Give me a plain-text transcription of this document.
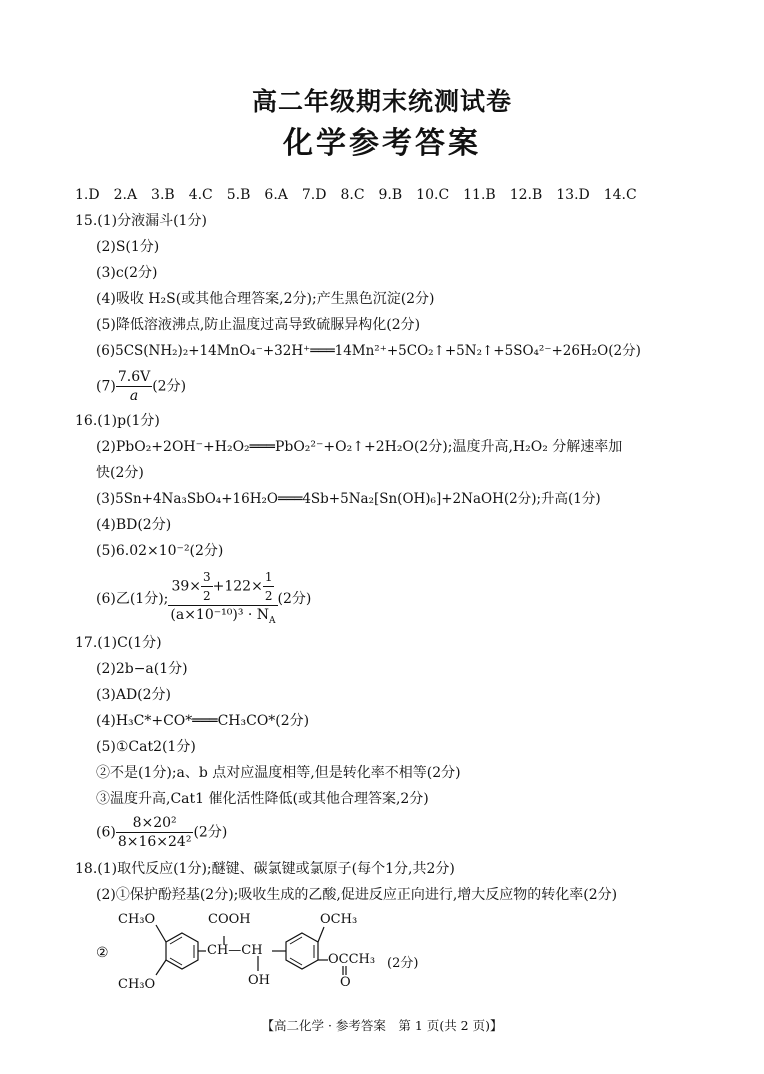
高二年级期末统测试卷
化学参考答案
1.D　2.A　3.B　4.C　5.B　6.A　7.D　8.C　9.B　10.C　11.B　12.B　13.D　14.C
15.(1)分液漏斗(1分)
(2)S(1分)
(3)c(2分)
(4)吸收 H₂S(或其他合理答案,2分);产生黑色沉淀(2分)
(5)降低溶液沸点,防止温度过高导致硫脲异构化(2分)
(6)5CS(NH₂)₂+14MnO₄⁻+32H⁺═══14Mn²⁺+5CO₂↑+5N₂↑+5SO₄²⁻+26H₂O(2分)
$(7) \frac{7.6V}{a} (2$分)
16.(1)p(1分)
(2)PbO₂+2OH⁻+H₂O₂═══PbO₂²⁻+O₂↑+2H₂O(2分);温度升高,H₂O₂ 分解速率加
快(2分)
(3)5Sn+4Na₃SbO₄+16H₂O═══4Sb+5Na₂[Sn(OH)₆]+2NaOH(2分);升高(1分)
(4)BD(2分)
(5)6.02×10⁻²(2分)
(6)乙(1分); $\frac{39\times \frac{3}{2} +122\times \frac{1}{2}}{(a\times 10^{-10})^3 \cdot N_A} (2$分)
17.(1)C(1分)
(2)2b−a(1分)
(3)AD(2分)
(4)H₃C*+CO*═══CH₃CO*(2分)
(5)①Cat2(1分)
②不是(1分);a、b 点对应温度相等,但是转化率不相等(2分)
③温度升高,Cat1 催化活性降低(或其他合理答案,2分)
$(6) \frac{\text{8×20²}}{\text{8×16×24²}} (2$分)
18.(1)取代反应(1分);醚键、碳氯键或氯原子(每个1分,共2分)
(2)①保护酚羟基(2分);吸收生成的乙酸,促进反应正向进行,增大反应物的转化率(2分)
②
CH₃O	COOH	OCH₃
CH—CH
OCCH₃ (2分)
OH	O
CH₃O
【高二化学 · 参考答案　第 1 页(共 2 页)】
